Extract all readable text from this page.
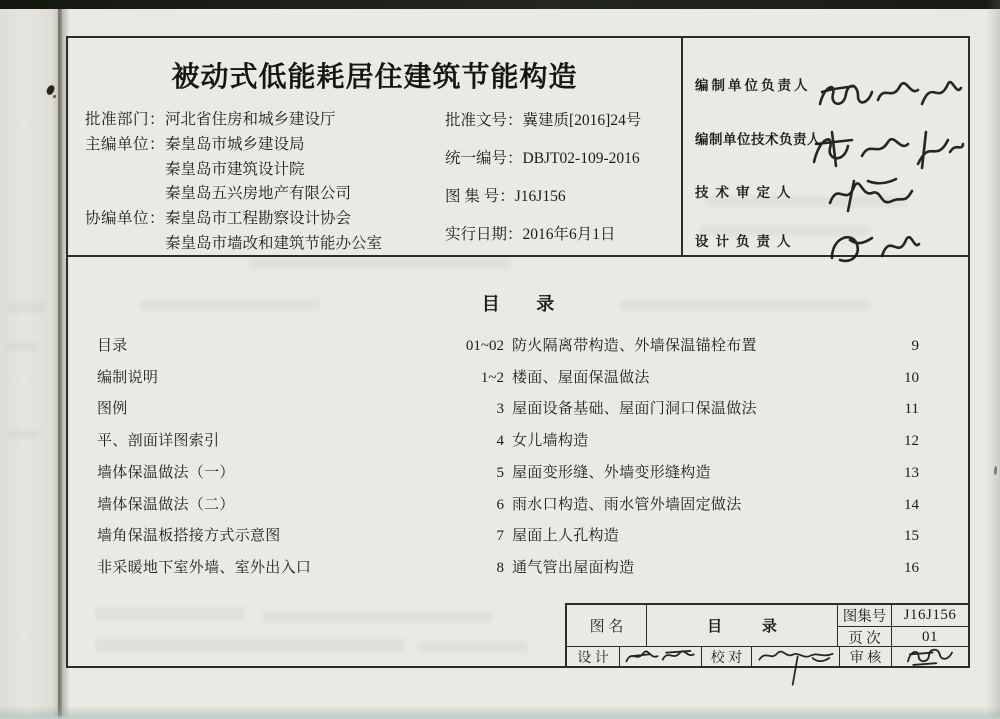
被动式低能耗居住建筑节能构造
批准部门：河北省住房和城乡建设厅
主编单位：秦皇岛市城乡建设局
秦皇岛市建筑设计院
秦皇岛五兴房地产有限公司
协编单位：秦皇岛市工程勘察设计协会
秦皇岛市墙改和建筑节能办公室
批准文号：冀建质[2016]24号
统一编号：DBJT02-109-2016
图 集 号：J16J156
实行日期：2016年6月1日
编制单位负责人
编制单位技术负责人
技术审定人
设计负责人
目 录
目录 .....	01~02
编制说明 .....	1~2
图例 .....	3
平、剖面详图索引 .....	4
墙体保温做法（一） .....	5
墙体保温做法（二） .....	6
墙角保温板搭接方式示意图 .....	7
非采暖地下室外墙、室外出入口 .....	8
防火隔离带构造、外墙保温锚栓布置 .....	9
楼面、屋面保温做法 .....	10
屋面设备基础、屋面门洞口保温做法 .....	11
女儿墙构造 .....	12
屋面变形缝、外墙变形缝构造 .....	13
雨水口构造、雨水管外墙固定做法 .....	14
屋面上人孔构造 .....	15
通气管出屋面构造 .....	16
图 名	目 录
图集号	J16J156
页 次	01
设 计	校 对	审 核
